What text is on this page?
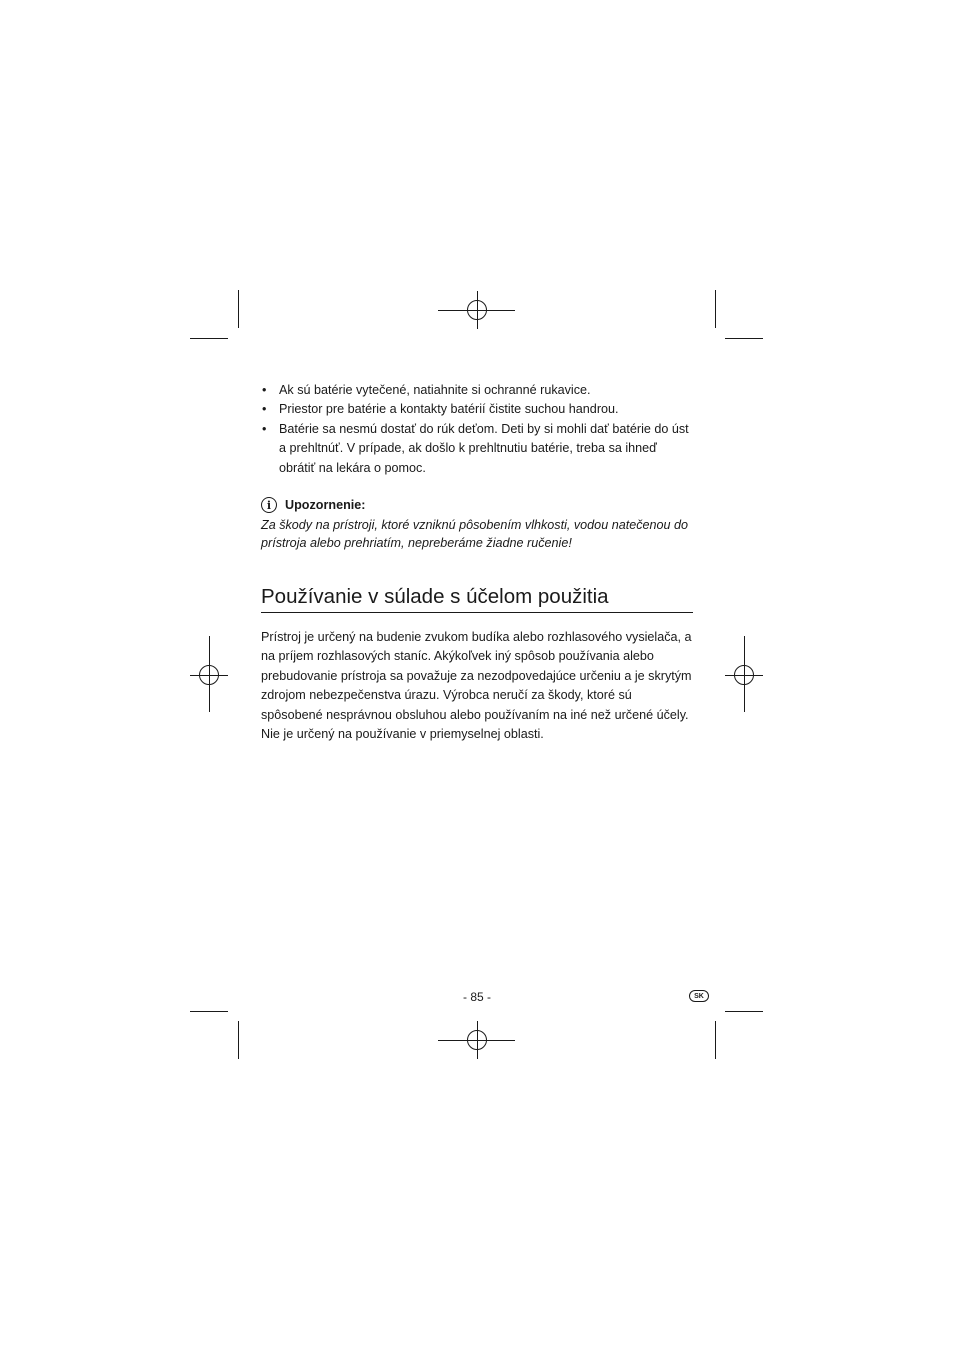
• Ak sú batérie vytečené, natiahnite si ochranné rukavice.
• Priestor pre batérie a kontakty batérií čistite suchou handrou.
• Batérie sa nesmú dostať do rúk deťom. Deti by si mohli dať batérie do úst a prehltnúť. V prípade, ak došlo k prehltnutiu batérie, treba sa ihneď obrátiť na lekára o pomoc.
i	Upozornenie:
Za škody na prístroji, ktoré vzniknú pôsobením vlhkosti, vodou natečenou do prístroja alebo prehriatím, nepreberáme žiadne ručenie!
Používanie v súlade s účelom použitia
Prístroj je určený na budenie zvukom budíka alebo rozhlasového vysielača, a na príjem rozhlasových staníc. Akýkoľvek iný spôsob používania alebo prebudovanie prístroja sa považuje za nezodpovedajúce určeniu a je skrytým zdrojom nebezpečenstva úrazu. Výrobca neručí za škody, ktoré sú spôsobené nesprávnou obsluhou alebo používaním na iné než určené účely. Nie je určený na používanie v priemyselnej oblasti.
- 85 -	SK
